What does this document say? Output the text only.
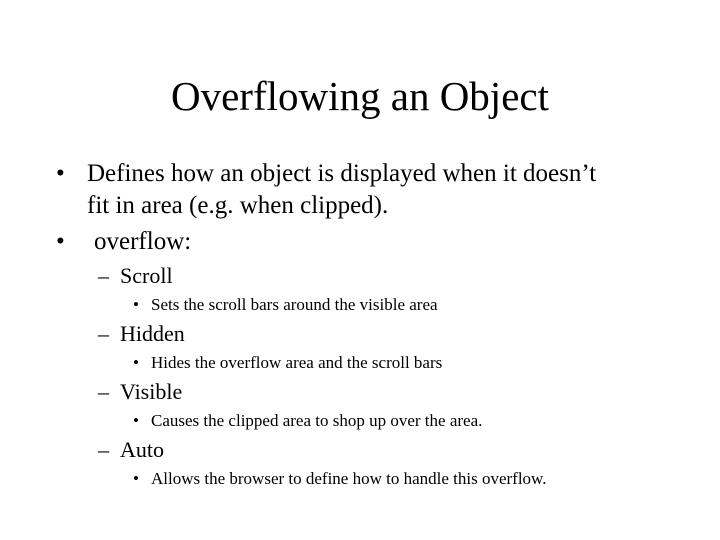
Overflowing an Object
• Defines how an object is displayed when it doesn’t
fit in area (e.g. when clipped).
• overflow:
– Scroll
• Sets the scroll bars around the visible area
– Hidden
• Hides the overflow area and the scroll bars
– Visible
• Causes the clipped area to shop up over the area.
– Auto
• Allows the browser to define how to handle this overflow.
